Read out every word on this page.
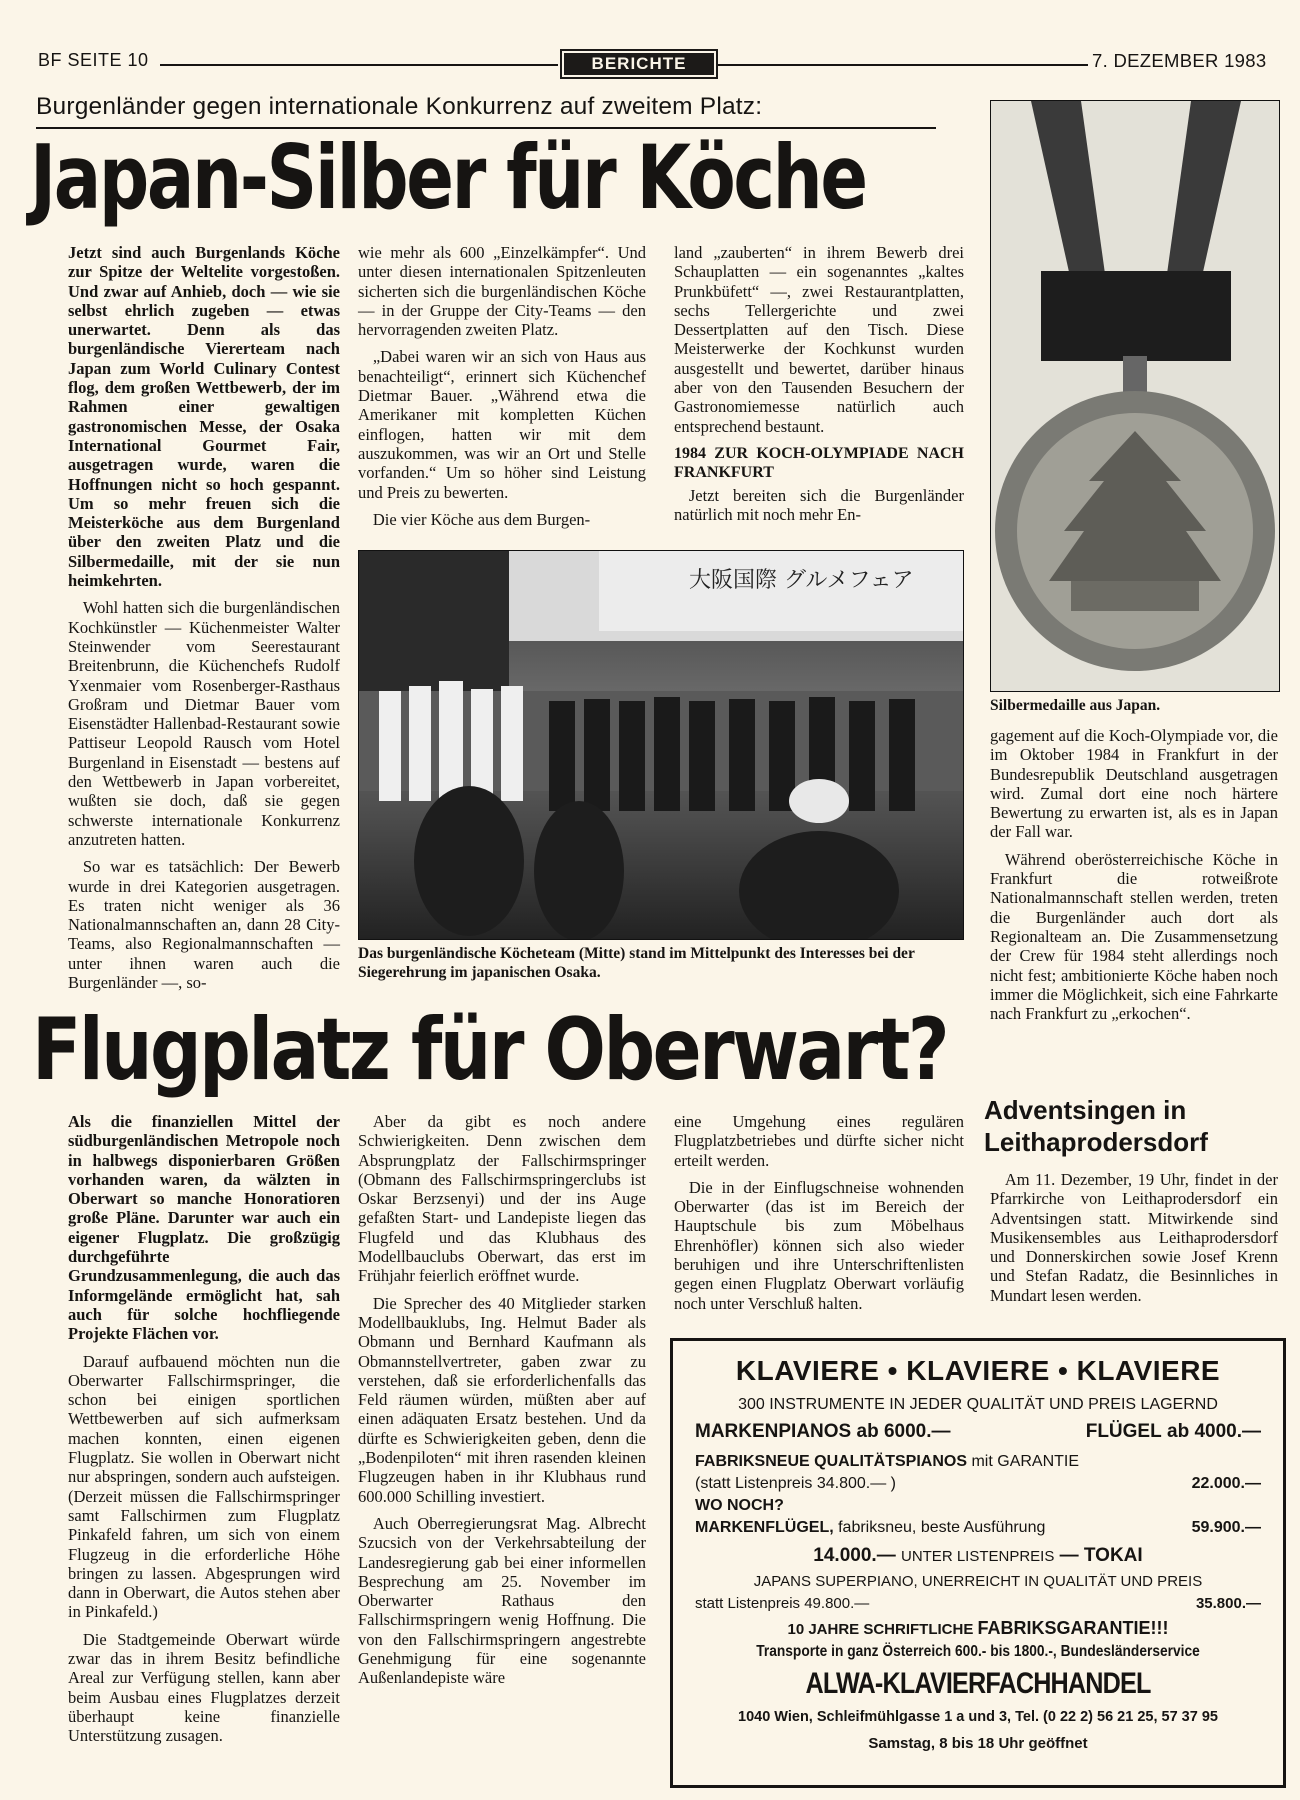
BF SEITE 10	BERICHTE	7. DEZEMBER 1983
Burgenländer gegen internationale Konkurrenz auf zweitem Platz:
Japan-Silber für Köche

Jetzt sind auch Burgenlands Köche zur Spitze der Weltelite vorgestoßen. Und zwar auf Anhieb, doch — wie sie selbst ehrlich zugeben — etwas unerwartet. Denn als das burgenländische Viererteam nach Japan zum World Culinary Contest flog, dem großen Wettbewerb, der im Rahmen einer gewaltigen gastronomischen Messe, der Osaka International Gourmet Fair, ausgetragen wurde, waren die Hoffnungen nicht so hoch gespannt. Um so mehr freuen sich die Meisterköche aus dem Burgenland über den zweiten Platz und die Silbermedaille, mit der sie nun heimkehrten.

Wohl hatten sich die burgenländischen Kochkünstler — Küchenmeister Walter Steinwender vom Seerestaurant Breitenbrunn, die Küchenchefs Rudolf Yxenmaier vom Rosenberger-Rasthaus Großram und Dietmar Bauer vom Eisenstädter Hallenbad-Restaurant sowie Pattiseur Leopold Rausch vom Hotel Burgenland in Eisenstadt — bestens auf den Wettbewerb in Japan vorbereitet, wußten sie doch, daß sie gegen schwerste internationale Konkurrenz anzutreten hatten.

So war es tatsächlich: Der Bewerb wurde in drei Kategorien ausgetragen. Es traten nicht weniger als 36 Nationalmannschaften an, dann 28 City-Teams, also Regionalmannschaften — unter ihnen waren auch die Burgenländer —, so-

wie mehr als 600 „Einzelkämpfer“. Und unter diesen internationalen Spitzenleuten sicherten sich die burgenländischen Köche — in der Gruppe der City-Teams — den hervorragenden zweiten Platz.

„Dabei waren wir an sich von Haus aus benachteiligt“, erinnert sich Küchenchef Dietmar Bauer. „Während etwa die Amerikaner mit kompletten Küchen einflogen, hatten wir mit dem auszukommen, was wir an Ort und Stelle vorfanden.“ Um so höher sind Leistung und Preis zu bewerten.

Die vier Köche aus dem Burgen-

land „zauberten“ in ihrem Bewerb drei Schauplatten — ein sogenanntes „kaltes Prunkbüfett“ —, zwei Restaurantplatten, sechs Tellergerichte und zwei Dessertplatten auf den Tisch. Diese Meisterwerke der Kochkunst wurden ausgestellt und bewertet, darüber hinaus aber von den Tausenden Besuchern der Gastronomiemesse natürlich auch entsprechend bestaunt.

1984 ZUR KOCH-OLYMPIADE NACH FRANKFURT

Jetzt bereiten sich die Burgenländer natürlich mit noch mehr En-

大阪国際 グルメフェア
Das burgenländische Köcheteam (Mitte) stand im Mittelpunkt des Interesses bei der Siegerehrung im japanischen Osaka.
Silbermedaille aus Japan.

gagement auf die Koch-Olympiade vor, die im Oktober 1984 in Frankfurt in der Bundesrepublik Deutschland ausgetragen wird. Zumal dort eine noch härtere Bewertung zu erwarten ist, als es in Japan der Fall war.

Während oberösterreichische Köche in Frankfurt die rotweißrote Nationalmannschaft stellen werden, treten die Burgenländer auch dort als Regionalteam an. Die Zusammensetzung der Crew für 1984 steht allerdings noch nicht fest; ambitionierte Köche haben noch immer die Möglichkeit, sich eine Fahrkarte nach Frankfurt zu „erkochen“.

Flugplatz für Oberwart?

Als die finanziellen Mittel der südburgenländischen Metropole noch in halbwegs disponierbaren Größen vorhanden waren, da wälzten in Oberwart so manche Honoratioren große Pläne. Darunter war auch ein eigener Flugplatz. Die großzügig durchgeführte Grundzusammenlegung, die auch das Informgelände ermöglicht hat, sah auch für solche hochfliegende Projekte Flächen vor.

Darauf aufbauend möchten nun die Oberwarter Fallschirmspringer, die schon bei einigen sportlichen Wettbewerben auf sich aufmerksam machen konnten, einen eigenen Flugplatz. Sie wollen in Oberwart nicht nur abspringen, sondern auch aufsteigen. (Derzeit müssen die Fallschirmspringer samt Fallschirmen zum Flugplatz Pinkafeld fahren, um sich von einem Flugzeug in die erforderliche Höhe bringen zu lassen. Abgesprungen wird dann in Oberwart, die Autos stehen aber in Pinkafeld.)

Die Stadtgemeinde Oberwart würde zwar das in ihrem Besitz befindliche Areal zur Verfügung stellen, kann aber beim Ausbau eines Flugplatzes derzeit überhaupt keine finanzielle Unterstützung zusagen.

Aber da gibt es noch andere Schwierigkeiten. Denn zwischen dem Absprungplatz der Fallschirmspringer (Obmann des Fallschirmspringerclubs ist Oskar Berzsenyi) und der ins Auge gefaßten Start- und Landepiste liegen das Flugfeld und das Klubhaus des Modellbauclubs Oberwart, das erst im Frühjahr feierlich eröffnet wurde.

Die Sprecher des 40 Mitglieder starken Modellbauklubs, Ing. Helmut Bader als Obmann und Bernhard Kaufmann als Obmannstellvertreter, gaben zwar zu verstehen, daß sie erforderlichenfalls das Feld räumen würden, müßten aber auf einen adäquaten Ersatz bestehen. Und da dürfte es Schwierigkeiten geben, denn die „Bodenpiloten“ mit ihren rasenden kleinen Flugzeugen haben in ihr Klubhaus rund 600.000 Schilling investiert.

Auch Oberregierungsrat Mag. Albrecht Szucsich von der Verkehrsabteilung der Landesregierung gab bei einer informellen Besprechung am 25. November im Oberwarter Rathaus den Fallschirmspringern wenig Hoffnung. Die von den Fallschirmspringern angestrebte Genehmigung für eine sogenannte Außenlandepiste wäre

eine Umgehung eines regulären Flugplatzbetriebes und dürfte sicher nicht erteilt werden.

Die in der Einflugschneise wohnenden Oberwarter (das ist im Bereich der Hauptschule bis zum Möbelhaus Ehrenhöfler) können sich also wieder beruhigen und ihre Unterschriftenlisten gegen einen Flugplatz Oberwart vorläufig noch unter Verschluß halten.

Adventsingen in Leithaprodersdorf

Am 11. Dezember, 19 Uhr, findet in der Pfarrkirche von Leithaprodersdorf ein Adventsingen statt. Mitwirkende sind Musikensembles aus Leithaprodersdorf und Donnerskirchen sowie Josef Krenn und Stefan Radatz, die Besinnliches in Mundart lesen werden.

KLAVIERE • KLAVIERE • KLAVIERE
300 INSTRUMENTE IN JEDER QUALITÄT UND PREIS LAGERND
MARKENPIANOS ab 6000.—	FLÜGEL ab 4000.—
FABRIKSNEUE QUALITÄTSPIANOS mit GARANTIE
(statt Listenpreis 34.800.— )	22.000.—
WO NOCH?
MARKENFLÜGEL, fabriksneu, beste Ausführung	59.900.—
14.000.— UNTER LISTENPREIS — TOKAI
JAPANS SUPERPIANO, UNERREICHT IN QUALITÄT UND PREIS
statt Listenpreis 49.800.—	35.800.—
10 JAHRE SCHRIFTLICHE FABRIKSGARANTIE!!!
Transporte in ganz Österreich 600.- bis 1800.-, Bundesländerservice
ALWA-KLAVIERFACHHANDEL
1040 Wien, Schleifmühlgasse 1 a und 3, Tel. (0 22 2) 56 21 25, 57 37 95
Samstag, 8 bis 18 Uhr geöffnet
